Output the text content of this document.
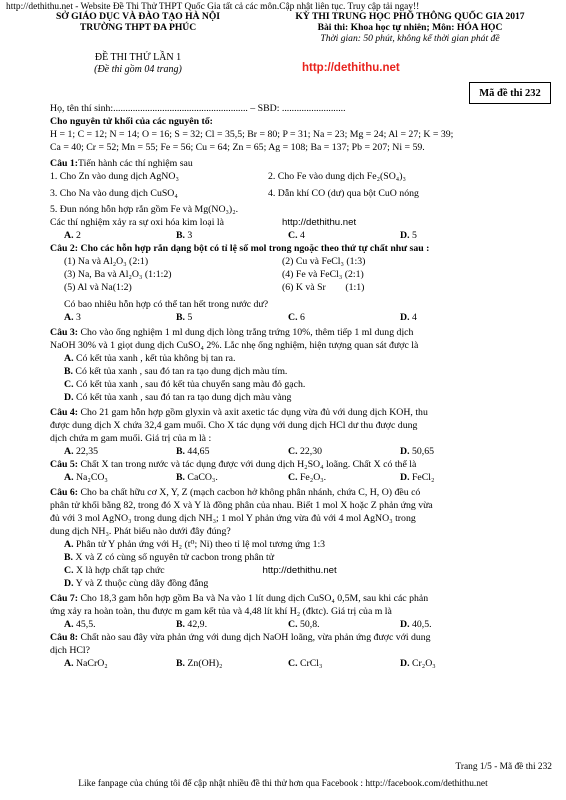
http://dethithu.net - Website Đề Thi Thử THPT Quốc Gia tất cả các môn.Cập nhật liên tục. Truy cập tải ngay!!
SỞ GIÁO DỤC VÀ ĐÀO TẠO HÀ NỘI
TRƯỜNG THPT ĐA PHÚC
KỲ THI TRUNG HỌC PHỔ THÔNG QUỐC GIA 2017
Bài thi: Khoa học tự nhiên; Môn: HÓA HỌC
Thời gian: 50 phút, không kể thời gian phát đề
ĐỀ THI THỬ LẦN 1
(Đề thi gồm 04 trang)	http://dethithu.net
Mã đề thi 232
Họ, tên thí sinh:....................................................... – SBD: ..........................
Cho nguyên tử khối của các nguyên tố:
H = 1; C = 12; N = 14; O = 16; S = 32; Cl = 35,5; Br = 80; P = 31; Na = 23; Mg = 24; Al = 27; K = 39;
Ca = 40; Cr = 52; Mn = 55; Fe = 56; Cu = 64; Zn = 65; Ag = 108; Ba = 137; Pb = 207; Ni = 59.
Câu 1:Tiến hành các thí nghiệm sau
1. Cho Zn vào dung dịch AgNO₃	2. Cho Fe vào dung dịch Fe₂(SO₄)₃
3. Cho Na vào dung dịch CuSO₄	4. Dẫn khí CO (dư) qua bột CuO nóng
5. Đun nóng hỗn hợp rắn gồm Fe và Mg(NO₃)₂.
Các thí nghiệm xảy ra sự oxi hóa kim loại là	http://dethithu.net
A. 2	B. 3	C. 4	D. 5
Câu 2: Cho các hỗn hợp rắn dạng bột có tỉ lệ số mol trong ngoặc theo thứ tự chất như sau :
(1) Na và Al₂O₃ (2:1)	(2) Cu và FeCl₃ (1:3)
(3) Na, Ba và Al₂O₃ (1:1:2)	(4) Fe và FeCl₃ (2:1)
(5) Al và Na(1:2)	(6) K và Sr        (1:1)
Có bao nhiêu hỗn hợp có thể tan hết trong nước dư?
A. 3	B. 5	C. 6	D. 4
Câu 3: Cho vào ống nghiệm 1 ml dung dịch lòng trắng trứng 10%, thêm tiếp 1 ml dung dịch
NaOH 30% và 1 giọt dung dịch CuSO₄ 2%. Lắc nhẹ ống nghiệm, hiện tượng quan sát được là
A. Có kết tủa xanh , kết tủa không bị tan ra.
B. Có kết tủa xanh , sau đó tan ra tạo dung dịch màu tím.
C. Có kết tủa xanh , sau đó kết tủa chuyển sang màu đỏ gạch.
D. Có kết tủa xanh , sau đó tan ra tạo dung dịch màu vàng
Câu 4: Cho 21 gam hỗn hợp gồm glyxin và axit axetic tác dụng vừa đủ với dung dịch KOH, thu
được dung dịch X chứa 32,4 gam muối. Cho X tác dụng với dung dịch HCl dư thu được dung
dịch chứa m gam muối. Giá trị của m là :
A. 22,35	B. 44,65	C. 22,30	D. 50,65
Câu 5: Chất X tan trong nước và tác dụng được với dung dịch H₂SO₄ loãng. Chất X có thể là
A. Na₂CO₃	B. CaCO₃.	C. Fe₂O₃.	D. FeCl₂
Câu 6: Cho ba chất hữu cơ X, Y, Z (mạch cacbon hở không phân nhánh, chứa C, H, O) đều có
phân tử khối bằng 82, trong đó X và Y là đồng phân của nhau. Biết 1 mol X hoặc Z phản ứng vừa
đủ với 3 mol AgNO₃ trong dung dịch NH₃; 1 mol Y phản ứng vừa đủ với 4 mol AgNO₃ trong
dung dịch NH₃. Phát biểu nào dưới đây đúng?
A. Phân tử Y phản ứng với H₂ (t⁰; Ni) theo tỉ lệ mol tương ứng 1:3
B. X và Z có cùng số nguyên tử cacbon trong phân tử
C. X là hợp chất tạp chức	http://dethithu.net
D. Y và Z thuộc cùng dãy đồng đẳng
Câu 7: Cho 18,3 gam hỗn hợp gồm Ba và Na vào 1 lít dung dịch CuSO₄ 0,5M, sau khi các phản
ứng xảy ra hoàn toàn, thu được m gam kết tủa và 4,48 lít khí H₂ (đktc). Giá trị của m là
A. 45,5.	B. 42,9.	C. 50,8.	D. 40,5.
Câu 8: Chất nào sau đây vừa phản ứng với dung dịch NaOH loãng, vừa phản ứng được với dung
dịch HCl?
A. NaCrO₂	B. Zn(OH)₂	C. CrCl₃	D. Cr₂O₃
Trang 1/5 - Mã đề thi 232
Like fanpage của chúng tôi để cập nhật nhiều đề thi thử hơn qua Facebook : http://facebook.com/dethithu.net
